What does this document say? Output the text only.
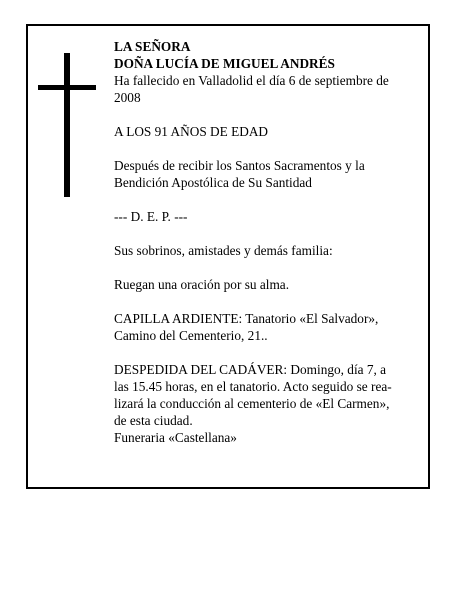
LA SEÑORA

DOÑA LUCÍA DE MIGUEL ANDRÉS

Ha fallecido en Valladolid el día 6 de septiembre de 2008

A LOS 91 AÑOS DE EDAD

Después de recibir los Santos Sacramentos y la Bendición Apostólica de Su Santidad

--- D. E. P. ---

Sus sobrinos, amistades y demás familia:

Ruegan una oración por su alma.

CAPILLA ARDIENTE: Tanatorio «El Salvador», Camino del Cementerio, 21..

DESPEDIDA DEL CADÁVER: Domingo, día 7, a las 15.45 horas, en el tanatorio. Acto seguido se rea-lizará la conducción al cementerio de «El Carmen», de esta ciudad.

Funeraria «Castellana»
